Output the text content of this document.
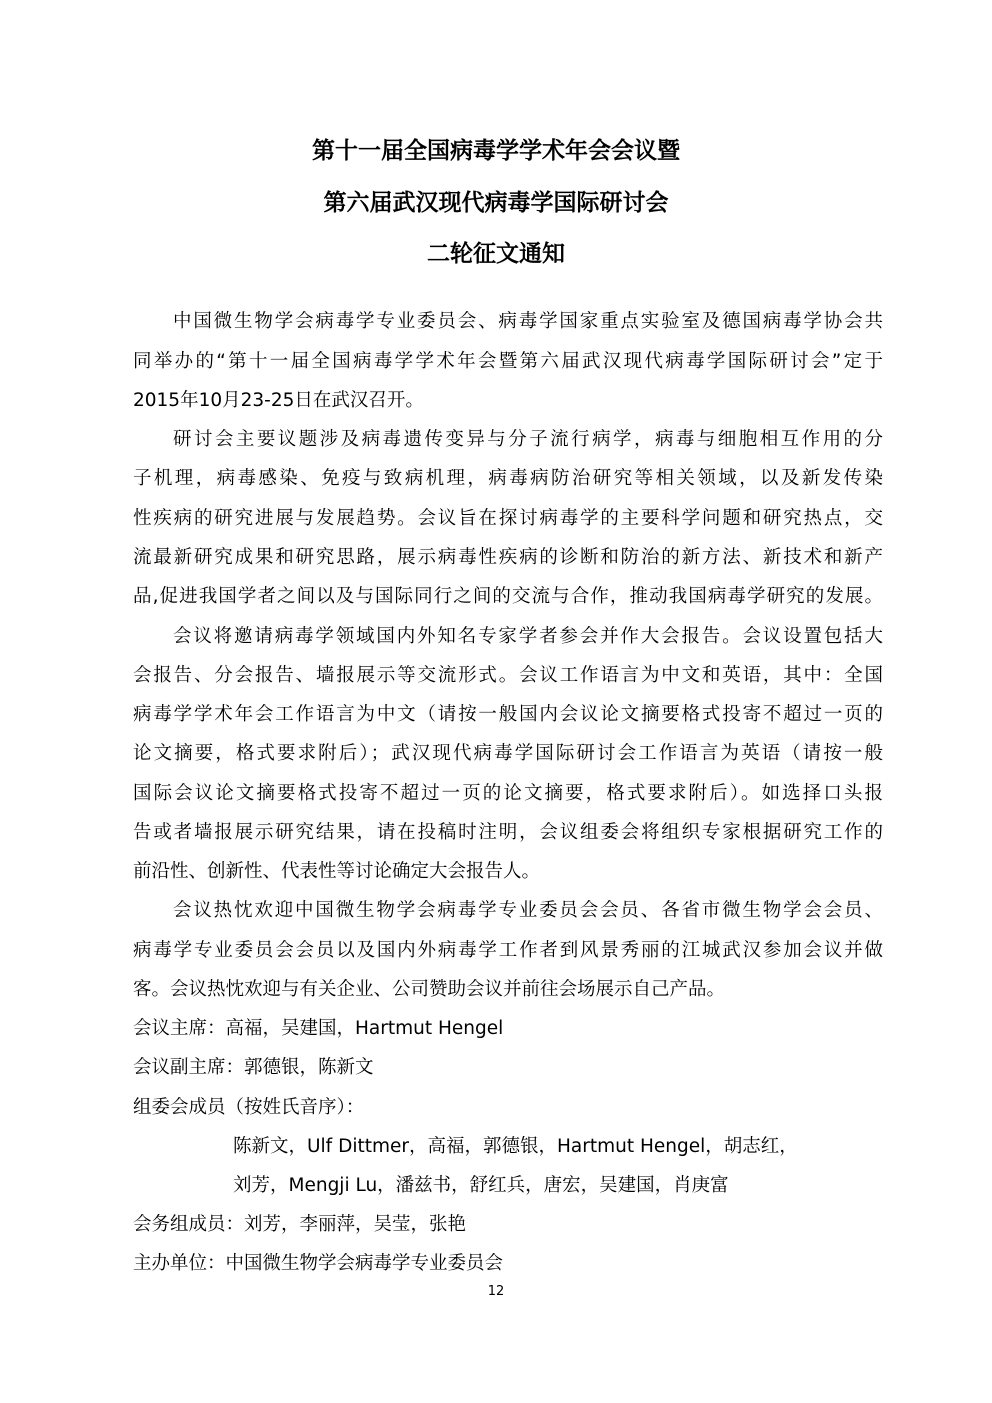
第十一届全国病毒学学术年会会议暨
第六届武汉现代病毒学国际研讨会
二轮征文通知
中国微生物学会病毒学专业委员会、病毒学国家重点实验室及德国病毒学协会共
同举办的“第十一届全国病毒学学术年会暨第六届武汉现代病毒学国际研讨会”定于
2015年10月23-25日在武汉召开。
研讨会主要议题涉及病毒遗传变异与分子流行病学，病毒与细胞相互作用的分
子机理，病毒感染、免疫与致病机理，病毒病防治研究等相关领域，以及新发传染
性疾病的研究进展与发展趋势。会议旨在探讨病毒学的主要科学问题和研究热点，交
流最新研究成果和研究思路，展示病毒性疾病的诊断和防治的新方法、新技术和新产
品,促进我国学者之间以及与国际同行之间的交流与合作，推动我国病毒学研究的发展。
会议将邀请病毒学领域国内外知名专家学者参会并作大会报告。会议设置包括大
会报告、分会报告、墙报展示等交流形式。会议工作语言为中文和英语，其中：全国
病毒学学术年会工作语言为中文（请按一般国内会议论文摘要格式投寄不超过一页的
论文摘要，格式要求附后）；武汉现代病毒学国际研讨会工作语言为英语（请按一般
国际会议论文摘要格式投寄不超过一页的论文摘要，格式要求附后）。如选择口头报
告或者墙报展示研究结果，请在投稿时注明，会议组委会将组织专家根据研究工作的
前沿性、创新性、代表性等讨论确定大会报告人。
会议热忱欢迎中国微生物学会病毒学专业委员会会员、各省市微生物学会会员、
病毒学专业委员会会员以及国内外病毒学工作者到风景秀丽的江城武汉参加会议并做
客。会议热忱欢迎与有关企业、公司赞助会议并前往会场展示自己产品。
会议主席：高福，吴建国，Hartmut Hengel
会议副主席：郭德银，陈新文
组委会成员（按姓氏音序）：
陈新文，Ulf Dittmer，高福，郭德银，Hartmut Hengel，胡志红，
刘芳，Mengji Lu，潘兹书，舒红兵，唐宏，吴建国，肖庚富
会务组成员：刘芳，李丽萍，吴莹，张艳
主办单位：中国微生物学会病毒学专业委员会
12
